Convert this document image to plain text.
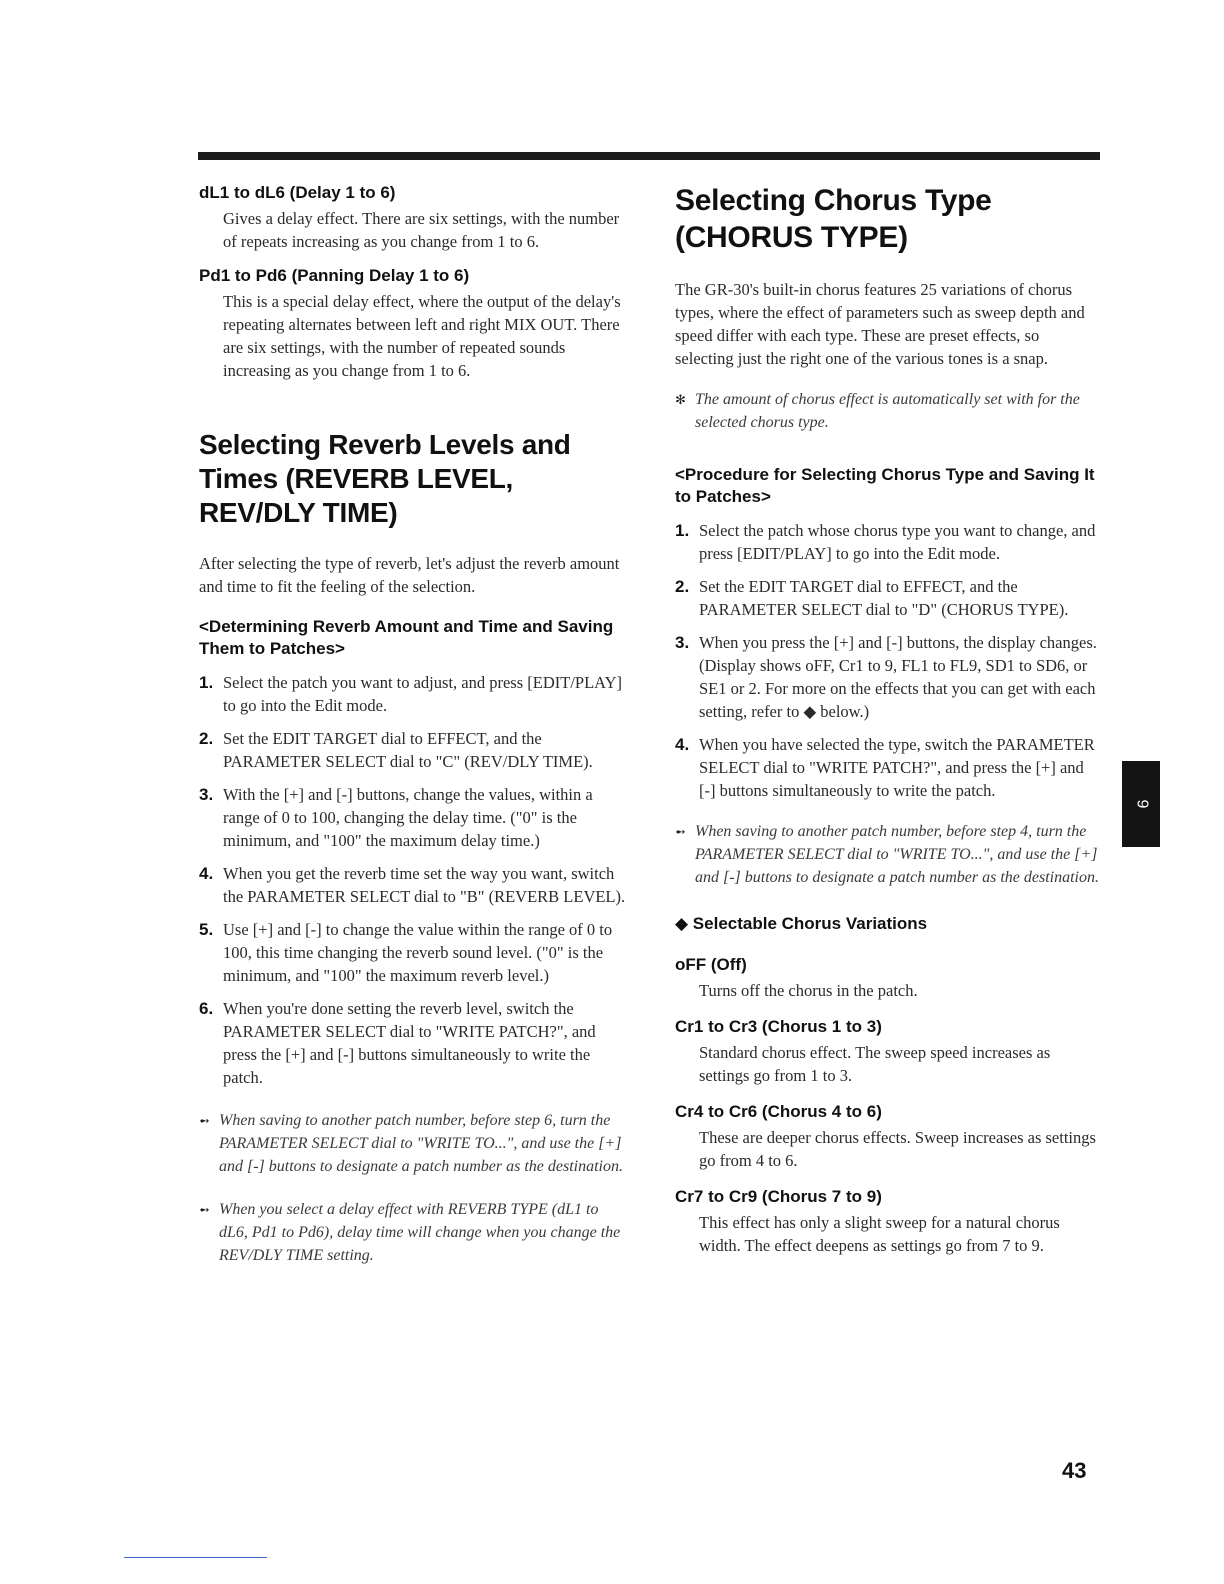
dL1 to dL6 (Delay 1 to 6)

Gives a delay effect. There are six settings, with the number of repeats increasing as you change from 1 to 6.

Pd1 to Pd6 (Panning Delay 1 to 6)

This is a special delay effect, where the output of the delay's repeating alternates between left and right MIX OUT. There are six settings, with the number of repeated sounds increasing as you change from 1 to 6.

Selecting Reverb Levels and Times (REVERB LEVEL, REV/DLY TIME)

After selecting the type of reverb, let's adjust the reverb amount and time to fit the feeling of the selection.

<Determining Reverb Amount and Time and Saving Them to Patches>
1. Select the patch you want to adjust, and press [EDIT/PLAY] to go into the Edit mode.
2. Set the EDIT TARGET dial to EFFECT, and the PARAMETER SELECT dial to "C" (REV/DLY TIME).
3. With the [+] and [-] buttons, change the values, within a range of 0 to 100, changing the delay time. ("0" is the minimum, and "100" the maximum delay time.)
4. When you get the reverb time set the way you want, switch the PARAMETER SELECT dial to "B" (REVERB LEVEL).
5. Use [+] and [-] to change the value within the range of 0 to 100, this time changing the reverb sound level. ("0" is the minimum, and "100" the maximum reverb level.)
6. When you're done setting the reverb level, switch the PARAMETER SELECT dial to "WRITE PATCH?", and press the [+] and [-] buttons simultaneously to write the patch.
➻ When saving to another patch number, before step 6, turn the PARAMETER SELECT dial to "WRITE TO...", and use the [+] and [-] buttons to designate a patch number as the destination.
➻ When you select a delay effect with REVERB TYPE (dL1 to dL6, Pd1 to Pd6), delay time will change when you change the REV/DLY TIME setting.
Selecting Chorus Type (CHORUS TYPE)

The GR-30's built-in chorus features 25 variations of chorus types, where the effect of parameters such as sweep depth and speed differ with each type. These are preset effects, so selecting just the right one of the various tones is a snap.

✻ The amount of chorus effect is automatically set with for the selected chorus type.
<Procedure for Selecting Chorus Type and Saving It to Patches>
1. Select the patch whose chorus type you want to change, and press [EDIT/PLAY] to go into the Edit mode.
2. Set the EDIT TARGET dial to EFFECT, and the PARAMETER SELECT dial to "D" (CHORUS TYPE).
3. When you press the [+] and [-] buttons, the display changes. (Display shows oFF, Cr1 to 9, FL1 to FL9, SD1 to SD6, or SE1 or 2. For more on the effects that you can get with each setting, refer to ◆ below.)
4. When you have selected the type, switch the PARAMETER SELECT dial to "WRITE PATCH?", and press the [+] and [-] buttons simultaneously to write the patch.
➻ When saving to another patch number, before step 4, turn the PARAMETER SELECT dial to "WRITE TO...", and use the [+] and [-] buttons to designate a patch number as the destination.
◆ Selectable Chorus Variations
oFF (Off)

Turns off the chorus in the patch.

Cr1 to Cr3 (Chorus 1 to 3)

Standard chorus effect. The sweep speed increases as settings go from 1 to 3.

Cr4 to Cr6 (Chorus 4 to 6)

These are deeper chorus effects. Sweep increases as settings go from 4 to 6.

Cr7 to Cr9 (Chorus 7 to 9)

This effect has only a slight sweep for a natural chorus width. The effect deepens as settings go from 7 to 9.

9
43
